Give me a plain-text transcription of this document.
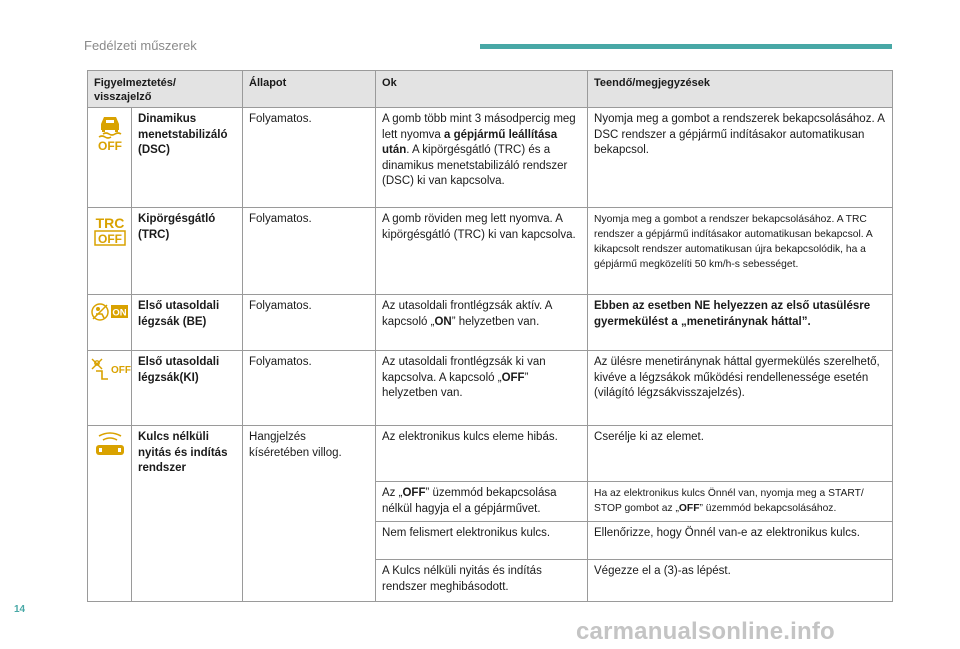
Fedélzeti műszerek
Figyelmeztetés/ visszajelző		Állapot	Ok	Teendő/megjegyzések

OFF	Dinamikus menetstabilizáló (DSC)	Folyamatos.	A gomb több mint 3 másodpercig meg lett nyomva a gépjármű leállítása után. A kipörgésgátló (TRC) és a dinamikus menetstabilizáló rendszer (DSC) ki van kapcsolva.	Nyomja meg a gombot a rendszerek bekapcsolásához. A DSC rendszer a gépjármű indításakor automatikusan bekapcsol.

TRC
OFF	Kipörgésgátló (TRC)	Folyamatos.	A gomb röviden meg lett nyomva. A kipörgésgátló (TRC) ki van kapcsolva.	Nyomja meg a gombot a rendszer bekapcsolásához. A TRC rendszer a gépjármű indításakor automatikusan bekapcsol. A kikapcsolt rendszer automatikusan újra bekapcsolódik, ha a gépjármű megközelíti 50 km/h-s sebességet.

ON	Első utasoldali légzsák (BE)	Folyamatos.	Az utasoldali frontlégzsák aktív. A kapcsoló „ON” helyzetben van.	Ebben az esetben NE helyezzen az első utasülésre gyermekülést a „menetiránynak háttal”.

OFF	Első utasoldali légzsák(KI)	Folyamatos.	Az utasoldali frontlégzsák ki van kapcsolva. A kapcsoló „OFF” helyzetben van.	Az ülésre menetiránynak háttal gyermekülés szerelhető, kivéve a légzsákok működési rendellenessége esetén (világító légzsákvisszajelzés).

	Kulcs nélküli nyitás és indítás rendszer	Hangjelzés kíséretében villog.	Az elektronikus kulcs eleme hibás.	Cserélje ki az elemet.
			Az „OFF” üzemmód bekapcsolása nélkül hagyja el a gépjárművet.	Ha az elektronikus kulcs Önnél van, nyomja meg a START/ STOP gombot az „OFF” üzemmód bekapcsolásához.
			Nem felismert elektronikus kulcs.	Ellenőrizze, hogy Önnél van-e az elektronikus kulcs.
			A Kulcs nélküli nyitás és indítás rendszer meghibásodott.	Végezze el a (3)-as lépést.
14
carmanualsonline.info
